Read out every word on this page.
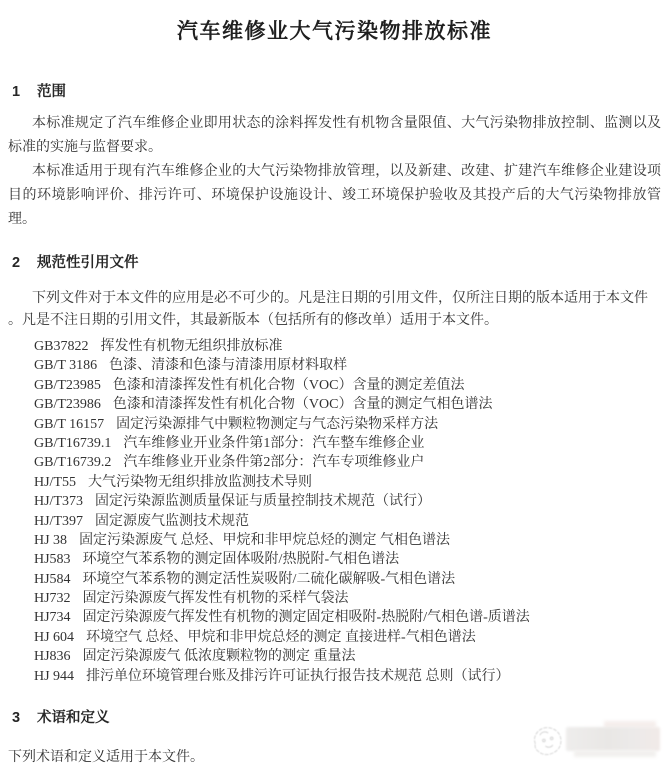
汽车维修业大气污染物排放标准
1 范围

本标准规定了汽车维修企业即用状态的涂料挥发性有机物含量限值、大气污染物排放控制、监测以及标准的实施与监督要求。

本标准适用于现有汽车维修企业的大气污染物排放管理，以及新建、改建、扩建汽车维修企业建设项目的环境影响评价、排污许可、环境保护设施设计、竣工环境保护验收及其投产后的大气污染物排放管理。

2 规范性引用文件
下列文件对于本文件的应用是必不可少的。凡是注日期的引用文件，仅所注日期的版本适用于本文件
。凡是不注日期的引用文件，其最新版本（包括所有的修改单）适用于本文件。
GB37822 挥发性有机物无组织排放标准
GB/T 3186 色漆、清漆和色漆与清漆用原材料取样
GB/T23985 色漆和清漆挥发性有机化合物（VOC）含量的测定差值法
GB/T23986 色漆和清漆挥发性有机化合物（VOC）含量的测定气相色谱法
GB/T 16157 固定污染源排气中颗粒物测定与气态污染物采样方法
GB/T16739.1 汽车维修业开业条件第1部分：汽车整车维修企业
GB/T16739.2 汽车维修业开业条件第2部分：汽车专项维修业户
HJ/T55 大气污染物无组织排放监测技术导则
HJ/T373 固定污染源监测质量保证与质量控制技术规范（试行）
HJ/T397 固定源废气监测技术规范
HJ 38 固定污染源废气 总烃、甲烷和非甲烷总烃的测定 气相色谱法
HJ583 环境空气苯系物的测定固体吸附/热脱附-气相色谱法
HJ584 环境空气苯系物的测定活性炭吸附/二硫化碳解吸-气相色谱法
HJ732 固定污染源废气挥发性有机物的采样气袋法
HJ734 固定污染源废气挥发性有机物的测定固定相吸附-热脱附/气相色谱-质谱法
HJ 604 环境空气 总烃、甲烷和非甲烷总烃的测定 直接进样-气相色谱法
HJ836 固定污染源废气 低浓度颗粒物的测定 重量法
HJ 944 排污单位环境管理台账及排污许可证执行报告技术规范 总则（试行）
3 术语和定义

下列术语和定义适用于本文件。
